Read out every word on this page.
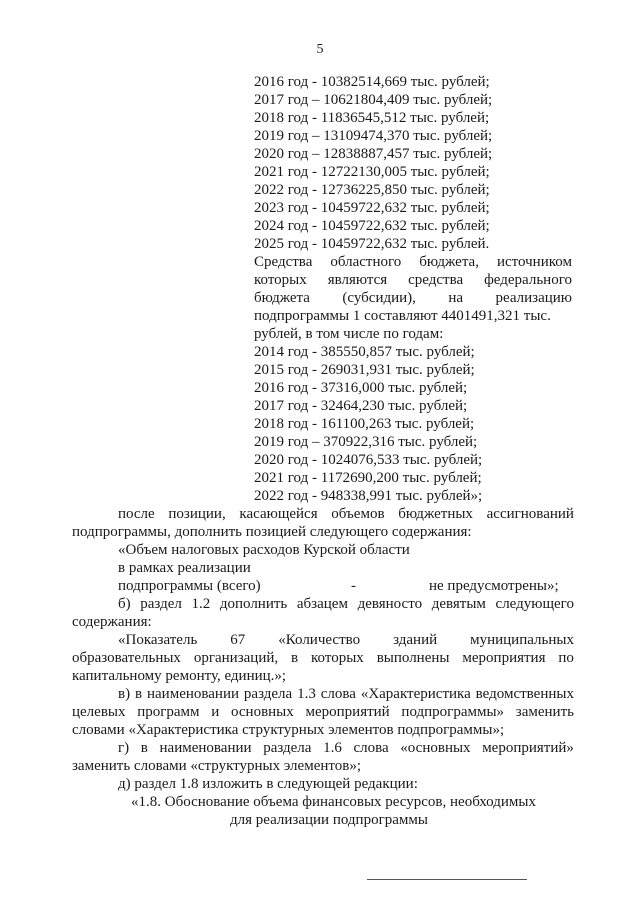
5
2016 год - 10382514,669 тыс. рублей;
2017 год – 10621804,409 тыс. рублей;
2018 год - 11836545,512 тыс. рублей;
2019 год – 13109474,370 тыс. рублей;
2020 год – 12838887,457 тыс. рублей;
2021 год - 12722130,005 тыс. рублей;
2022 год - 12736225,850 тыс. рублей;
2023 год - 10459722,632 тыс. рублей;
2024 год - 10459722,632 тыс. рублей;
2025 год - 10459722,632 тыс. рублей.
Средства областного бюджета, источником
которых являются средства федерального
бюджета (субсидии), на реализацию
подпрограммы 1 составляют 4401491,321 тыс.
рублей, в том числе по годам:
2014 год - 385550,857 тыс. рублей;
2015 год - 269031,931 тыс. рублей;
2016 год - 37316,000 тыс. рублей;
2017 год - 32464,230 тыс. рублей;
2018 год - 161100,263 тыс. рублей;
2019 год – 370922,316 тыс. рублей;
2020 год - 1024076,533 тыс. рублей;
2021 год - 1172690,200 тыс. рублей;
2022 год - 948338,991 тыс. рублей»;
после позиции, касающейся объемов бюджетных ассигнований
подпрограммы, дополнить позицией следующего содержания:
«Объем налоговых расходов Курской области
в рамках реализации
подпрограммы (всего)	-	не предусмотрены»;
б) раздел 1.2 дополнить абзацем девяносто девятым следующего
содержания:
«Показатель 67 «Количество зданий муниципальных
образовательных организаций, в которых выполнены мероприятия по
капитальному ремонту, единиц.»;
в) в наименовании раздела 1.3 слова «Характеристика ведомственных
целевых программ и основных мероприятий подпрограммы» заменить
словами «Характеристика структурных элементов подпрограммы»;
г) в наименовании раздела 1.6 слова «основных мероприятий»
заменить словами «структурных элементов»;
д) раздел 1.8 изложить в следующей редакции:
«1.8. Обоснование объема финансовых ресурсов, необходимых
для реализации подпрограммы
